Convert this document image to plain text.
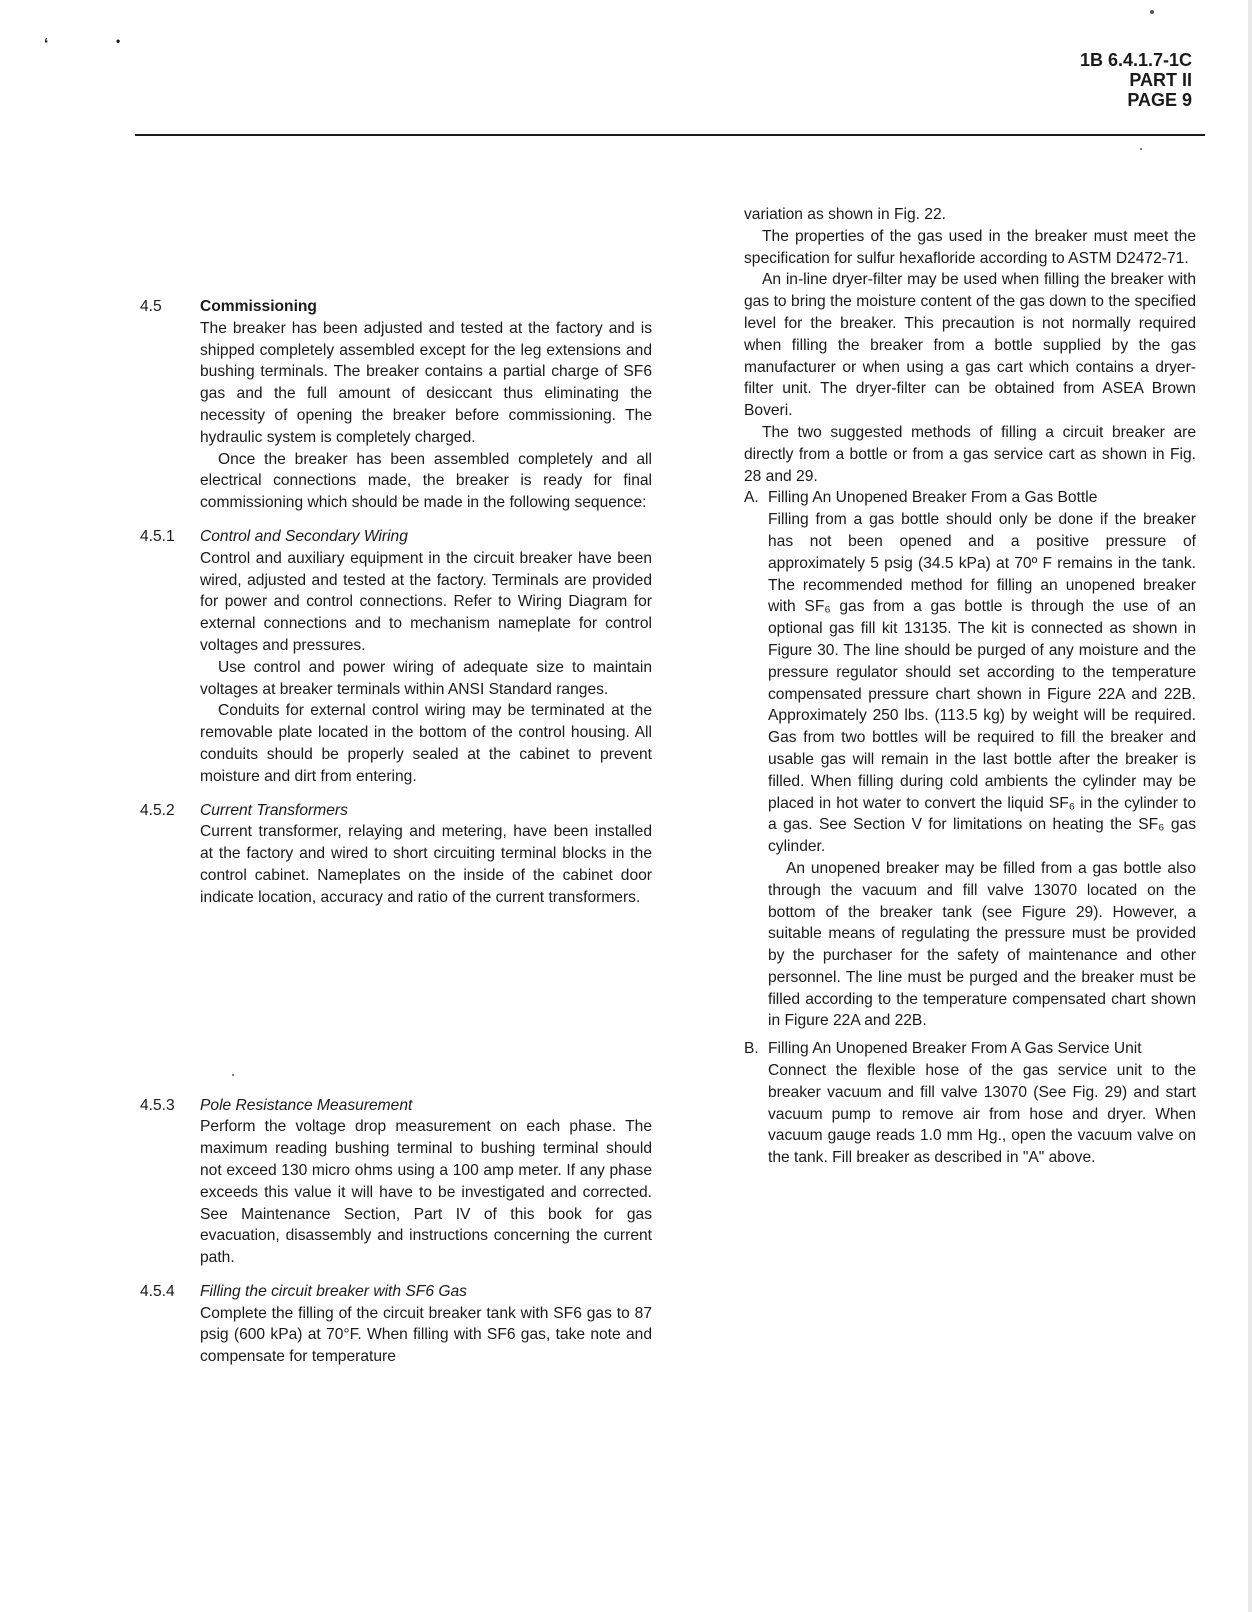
‘	•
1B 6.4.1.7-1C
PART II
PAGE 9
4.5	Commissioning

The breaker has been adjusted and tested at the factory and is shipped completely assembled except for the leg extensions and bushing terminals. The breaker contains a partial charge of SF6 gas and the full amount of desiccant thus eliminating the necessity of opening the breaker before commissioning. The hydraulic system is completely charged.

Once the breaker has been assembled completely and all electrical connections made, the breaker is ready for final commissioning which should be made in the following sequence:

4.5.1	Control and Secondary Wiring

Control and auxiliary equipment in the circuit breaker have been wired, adjusted and tested at the factory. Terminals are provided for power and control connections. Refer to Wiring Diagram for external connections and to mechanism nameplate for control voltages and pressures.

Use control and power wiring of adequate size to maintain voltages at breaker terminals within ANSI Standard ranges.

Conduits for external control wiring may be terminated at the removable plate located in the bottom of the control housing. All conduits should be properly sealed at the cabinet to prevent moisture and dirt from entering.

4.5.2	Current Transformers

Current transformer, relaying and metering, have been installed at the factory and wired to short circuiting terminal blocks in the control cabinet. Nameplates on the inside of the cabinet door indicate location, accuracy and ratio of the current transformers.

4.5.3	Pole Resistance Measurement

Perform the voltage drop measurement on each phase. The maximum reading bushing terminal to bushing terminal should not exceed 130 micro ohms using a 100 amp meter. If any phase exceeds this value it will have to be investigated and corrected. See Maintenance Section, Part IV of this book for gas evacuation, disassembly and instructions concerning the current path.

4.5.4	Filling the circuit breaker with SF6 Gas

Complete the filling of the circuit breaker tank with SF6 gas to 87 psig (600 kPa) at 70°F. When filling with SF6 gas, take note and compensate for temperature

variation as shown in Fig. 22.

The properties of the gas used in the breaker must meet the specification for sulfur hexafloride according to ASTM D2472-71.

An in-line dryer-filter may be used when filling the breaker with gas to bring the moisture content of the gas down to the specified level for the breaker. This precaution is not normally required when filling the breaker from a bottle supplied by the gas manufacturer or when using a gas cart which contains a dryer-filter unit. The dryer-filter can be obtained from ASEA Brown Boveri.

The two suggested methods of filling a circuit breaker are directly from a bottle or from a gas service cart as shown in Fig. 28 and 29.

A. Filling An Unopened Breaker From a Gas Bottle

Filling from a gas bottle should only be done if the breaker has not been opened and a positive pressure of approximately 5 psig (34.5 kPa) at 70º F remains in the tank. The recommended method for filling an unopened breaker with SF₆ gas from a gas bottle is through the use of an optional gas fill kit 13135. The kit is connected as shown in Figure 30. The line should be purged of any moisture and the pressure regulator should set according to the temperature compensated pressure chart shown in Figure 22A and 22B. Approximately 250 lbs. (113.5 kg) by weight will be required. Gas from two bottles will be required to fill the breaker and usable gas will remain in the last bottle after the breaker is filled. When filling during cold ambients the cylinder may be placed in hot water to convert the liquid SF₆ in the cylinder to a gas. See Section V for limitations on heating the SF₆ gas cylinder.

An unopened breaker may be filled from a gas bottle also through the vacuum and fill valve 13070 located on the bottom of the breaker tank (see Figure 29). However, a suitable means of regulating the pressure must be provided by the purchaser for the safety of maintenance and other personnel. The line must be purged and the breaker must be filled according to the temperature compensated chart shown in Figure 22A and 22B.

B. Filling An Unopened Breaker From A Gas Service Unit

Connect the flexible hose of the gas service unit to the breaker vacuum and fill valve 13070 (See Fig. 29) and start vacuum pump to remove air from hose and dryer. When vacuum gauge reads 1.0 mm Hg., open the vacuum valve on the tank. Fill breaker as described in "A" above.
